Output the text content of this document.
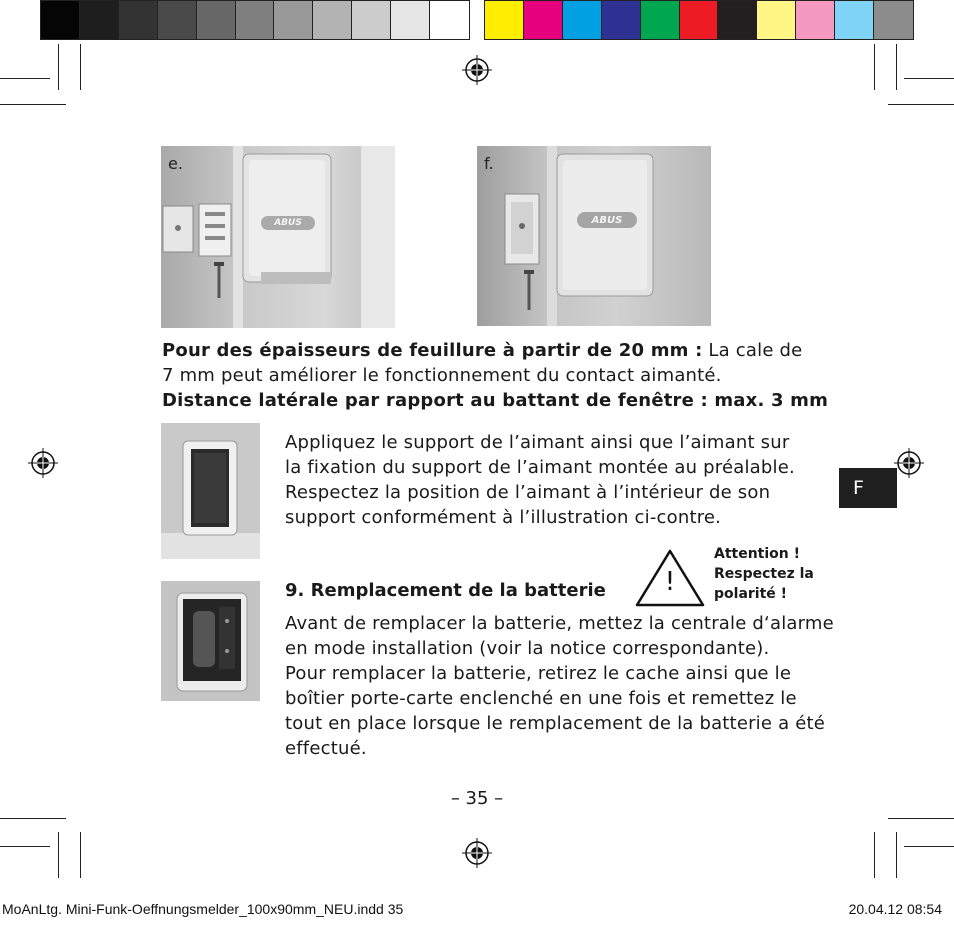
ABUS
e.
ABUS
f.
Pour des épaisseurs de feuillure à partir de 20 mm : La cale de
7 mm peut améliorer le fonctionnement du contact aimanté.
Distance latérale par rapport au battant de fenêtre : max. 3 mm
Appliquez le support de l’aimant ainsi que l’aimant sur
la fixation du support de l’aimant montée au préalable.
Respectez la position de l’aimant à l’intérieur de son
support conformément à l’illustration ci-contre.
F
9. Remplacement de la batterie !
Attention !
Respectez la
polarité !
Avant de remplacer la batterie, mettez la centrale d‘alarme
en mode installation (voir la notice correspondante).
Pour remplacer la batterie, retirez le cache ainsi que le
boîtier porte-carte enclenché en une fois et remettez le
tout en place lorsque le remplacement de la batterie a été
effectué.
– 35 –
MoAnLtg. Mini-Funk-Oeffnungsmelder_100x90mm_NEU.indd 35	20.04.12 08:54
